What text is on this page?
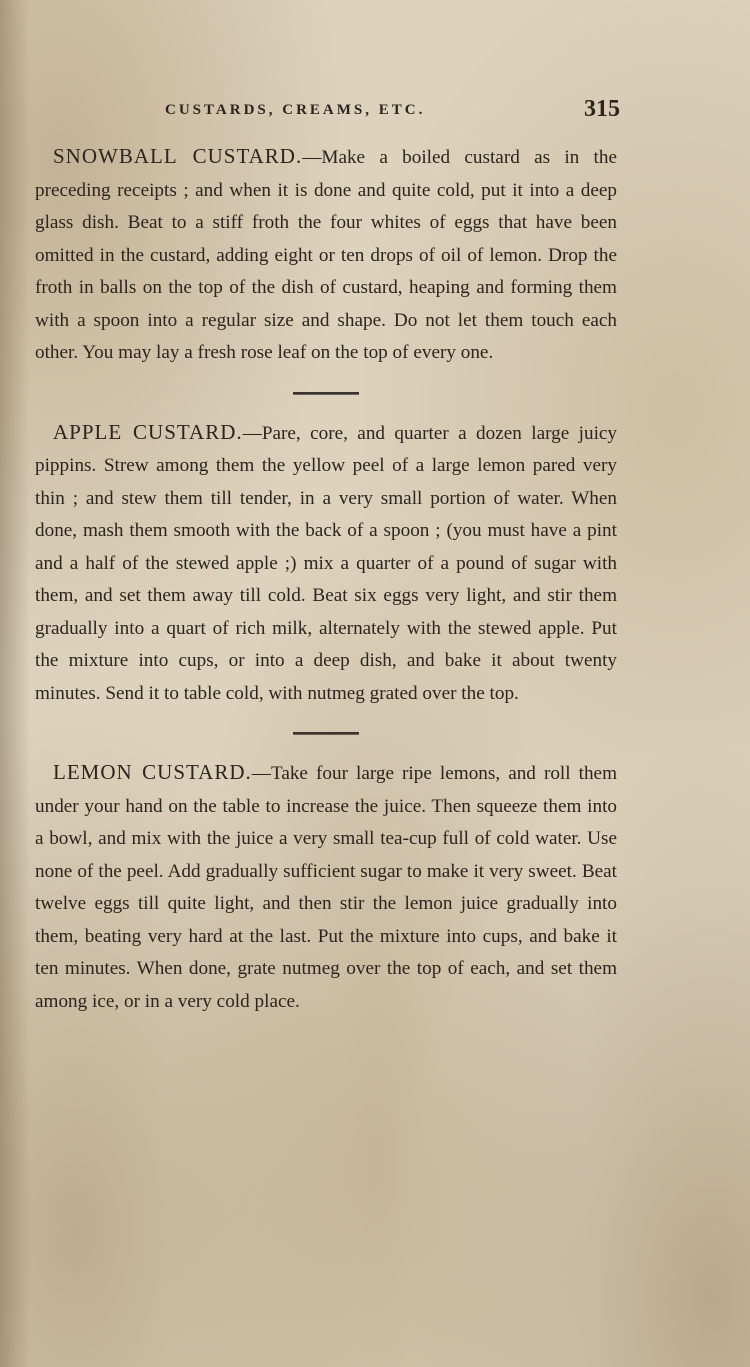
CUSTARDS, CREAMS, ETC.	315

SNOWBALL CUSTARD.—Make a boiled custard as in the preceding receipts ; and when it is done and quite cold, put it into a deep glass dish. Beat to a stiff froth the four whites of eggs that have been omitted in the custard, adding eight or ten drops of oil of lemon. Drop the froth in balls on the top of the dish of custard, heaping and forming them with a spoon into a regular size and shape. Do not let them touch each other. You may lay a fresh rose leaf on the top of every one.

APPLE CUSTARD.—Pare, core, and quarter a dozen large juicy pippins. Strew among them the yellow peel of a large lemon pared very thin ; and stew them till tender, in a very small portion of water. When done, mash them smooth with the back of a spoon ; (you must have a pint and a half of the stewed apple ;) mix a quarter of a pound of sugar with them, and set them away till cold. Beat six eggs very light, and stir them gradually into a quart of rich milk, alternately with the stewed apple. Put the mixture into cups, or into a deep dish, and bake it about twenty minutes. Send it to table cold, with nutmeg grated over the top.

LEMON CUSTARD.—Take four large ripe lemons, and roll them under your hand on the table to increase the juice. Then squeeze them into a bowl, and mix with the juice a very small tea-cup full of cold water. Use none of the peel. Add gradually sufficient sugar to make it very sweet. Beat twelve eggs till quite light, and then stir the lemon juice gradually into them, beating very hard at the last. Put the mixture into cups, and bake it ten minutes. When done, grate nutmeg over the top of each, and set them among ice, or in a very cold place.
